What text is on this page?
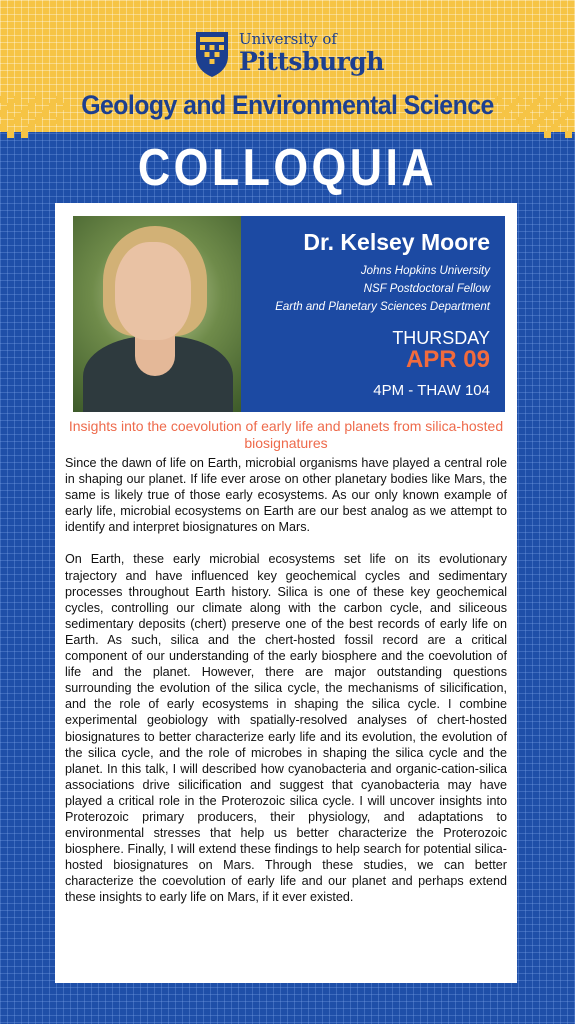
University of
Pittsburgh
Geology and Environmental Science
COLLOQUIA
Dr. Kelsey Moore
Johns Hopkins University
NSF Postdoctoral Fellow
Earth and Planetary Sciences Department
THURSDAY
APR 09
4PM - THAW 104
Insights into the coevolution of early life and planets from silica-hosted biosignatures

Since the dawn of life on Earth, microbial organisms have played a central role in shaping our planet. If life ever arose on other planetary bodies like Mars, the same is likely true of those early ecosystems. As our only known example of early life, microbial ecosystems on Earth are our best analog as we attempt to identify and interpret biosignatures on Mars.

On Earth, these early microbial ecosystems set life on its evolutionary trajectory and have influenced key geochemical cycles and sedimentary processes throughout Earth history. Silica is one of these key geochemical cycles, controlling our climate along with the carbon cycle, and siliceous sedimentary deposits (chert) preserve one of the best records of early life on Earth. As such, silica and the chert-hosted fossil record are a critical component of our understanding of the early biosphere and the coevolution of life and the planet. However, there are major outstanding questions surrounding the evolution of the silica cycle, the mechanisms of silicification, and the role of early ecosystems in shaping the silica cycle. I combine experimental geobiology with spatially-resolved analyses of chert-hosted biosignatures to better characterize early life and its evolution, the evolution of the silica cycle, and the role of microbes in shaping the silica cycle and the planet. In this talk, I will described how cyanobacteria and organic-cation-silica associations drive silicification and suggest that cyanobacteria may have played a critical role in the Proterozoic silica cycle. I will uncover insights into Proterozoic primary producers, their physiology, and adaptations to environmental stresses that help us better characterize the Proterozoic biosphere. Finally, I will extend these findings to help search for potential silica-hosted biosignatures on Mars. Through these studies, we can better characterize the coevolution of early life and our planet and perhaps extend these insights to early life on Mars, if it ever existed.
